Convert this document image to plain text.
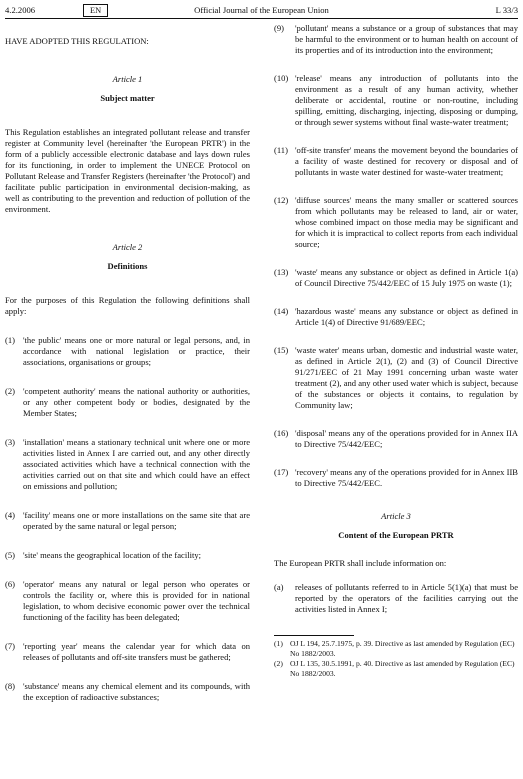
4.2.2006	EN	Official Journal of the European Union	L 33/3

HAVE ADOPTED THIS REGULATION:

Article 1

Subject matter

This Regulation establishes an integrated pollutant release and transfer register at Community level (hereinafter 'the European PRTR') in the form of a publicly accessible electronic database and lays down rules for its functioning, in order to implement the UNECE Protocol on Pollutant Release and Transfer Registers (hereinafter 'the Protocol') and facilitate public participation in environmental decision-making, as well as contributing to the prevention and reduction of pollution of the environment.

Article 2

Definitions

For the purposes of this Regulation the following definitions shall apply:

(1) 'the public' means one or more natural or legal persons, and, in accordance with national legislation or practice, their associations, organisations or groups;
(2) 'competent authority' means the national authority or authorities, or any other competent body or bodies, designated by the Member States;
(3) 'installation' means a stationary technical unit where one or more activities listed in Annex I are carried out, and any other directly associated activities which have a technical connection with the activities carried out on that site and which could have an effect on emissions and pollution;
(4) 'facility' means one or more installations on the same site that are operated by the same natural or legal person;
(5) 'site' means the geographical location of the facility;
(6) 'operator' means any natural or legal person who operates or controls the facility or, where this is provided for in national legislation, to whom decisive economic power over the technical functioning of the facility has been delegated;
(7) 'reporting year' means the calendar year for which data on releases of pollutants and off-site transfers must be gathered;
(8) 'substance' means any chemical element and its compounds, with the exception of radioactive substances;
(9)	'pollutant' means a substance or a group of substances that may be harmful to the environment or to human health on account of its properties and of its introduction into the environment;
(10) 'release' means any introduction of pollutants into the environment as a result of any human activity, whether deliberate or accidental, routine or non-routine, including spilling, emitting, discharging, injecting, disposing or dumping, or through sewer systems without final waste-water treatment;
(11) 'off-site transfer' means the movement beyond the boundaries of a facility of waste destined for recovery or disposal and of pollutants in waste water destined for waste-water treatment;
(12) 'diffuse sources' means the many smaller or scattered sources from which pollutants may be released to land, air or water, whose combined impact on those media may be significant and for which it is impractical to collect reports from each individual source;
(13) 'waste' means any substance or object as defined in Article 1(a) of Council Directive 75/442/EEC of 15 July 1975 on waste (1);
(14) 'hazardous waste' means any substance or object as defined in Article 1(4) of Directive 91/689/EEC;
(15) 'waste water' means urban, domestic and industrial waste water, as defined in Article 2(1), (2) and (3) of Council Directive 91/271/EEC of 21 May 1991 concerning urban waste water treatment (2), and any other used water which is subject, because of the substances or objects it contains, to regulation by Community law;
(16) 'disposal' means any of the operations provided for in Annex IIA to Directive 75/442/EEC;
(17) 'recovery' means any of the operations provided for in Annex IIB to Directive 75/442/EEC.

Article 3

Content of the European PRTR

The European PRTR shall include information on:

(a)	releases of pollutants referred to in Article 5(1)(a) that must be reported by the operators of the facilities carrying out the activities listed in Annex I;
(1) OJ L 194, 25.7.1975, p. 39. Directive as last amended by Regulation (EC) No 1882/2003.
(2) OJ L 135, 30.5.1991, p. 40. Directive as last amended by Regulation (EC) No 1882/2003.
